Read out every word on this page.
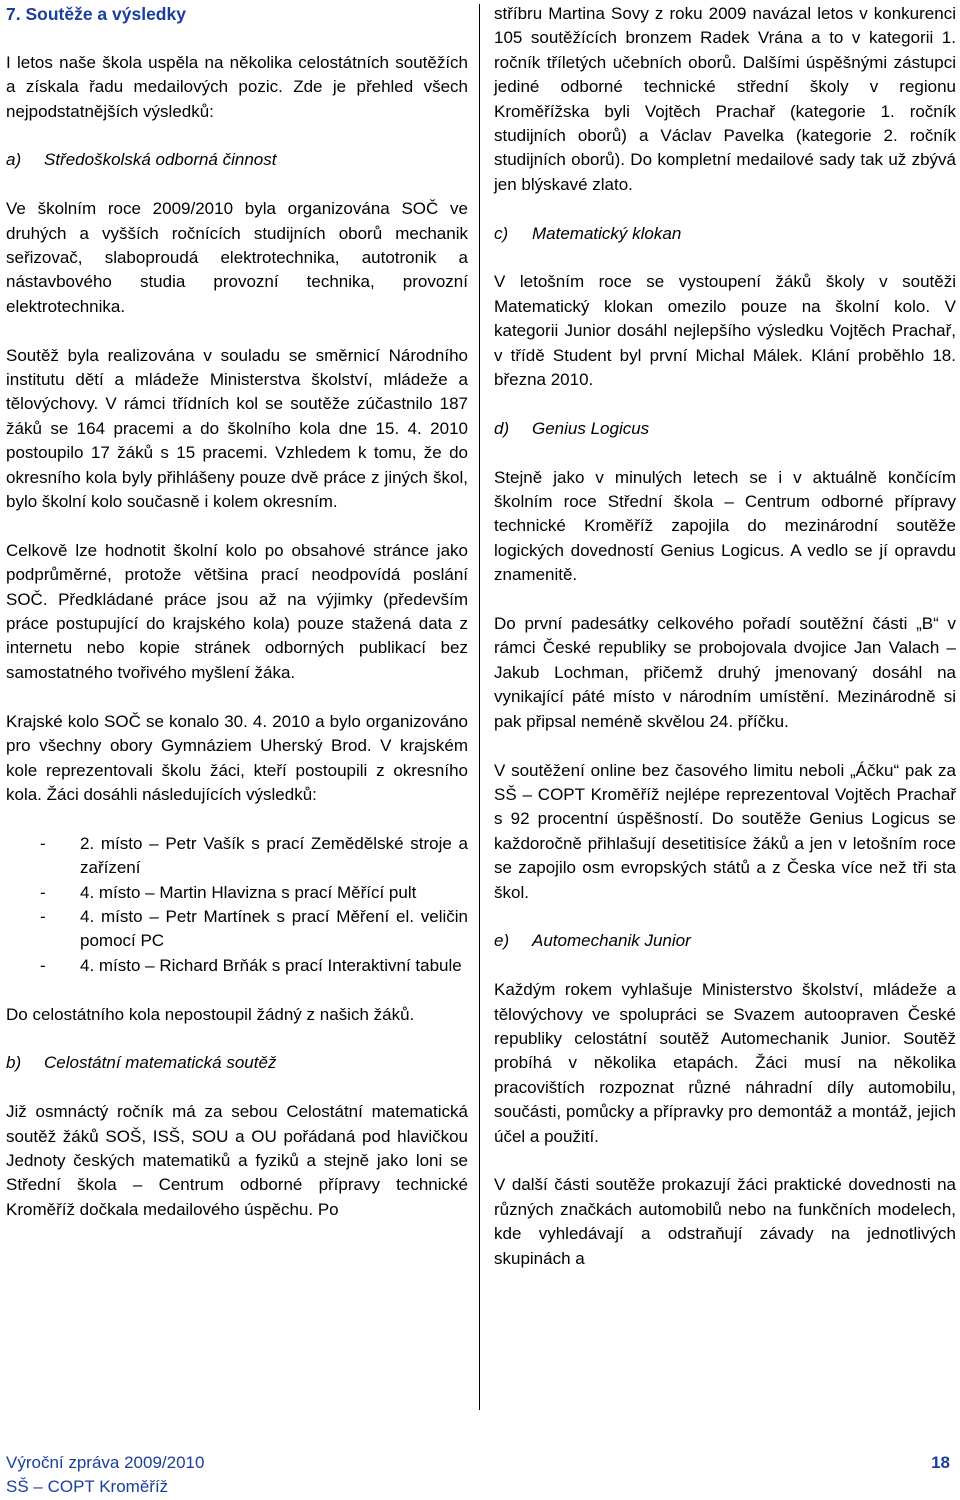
7. Soutěže a výsledky

I letos naše škola uspěla na několika celostátních soutěžích a získala řadu medailových pozic. Zde je přehled všech nejpodstatnějších výsledků:

a) Středoškolská odborná činnost

Ve školním roce 2009/2010 byla organizována SOČ ve druhých a vyšších ročnících studijních oborů mechanik seřizovač, slaboproudá elektrotechnika, autotronik a nástavbového studia provozní technika, provozní elektrotechnika.

Soutěž byla realizována v souladu se směrnicí Národního institutu dětí a mládeže Ministerstva školství, mládeže a tělovýchovy. V rámci třídních kol se soutěže zúčastnilo 187 žáků se 164 pracemi a do školního kola dne 15. 4. 2010 postoupilo 17 žáků s 15 pracemi. Vzhledem k tomu, že do okresního kola byly přihlášeny pouze dvě práce z jiných škol, bylo školní kolo současně i kolem okresním.

Celkově lze hodnotit školní kolo po obsahové stránce jako podprůměrné, protože většina prací neodpovídá poslání SOČ. Předkládané práce jsou až na výjimky (především práce postupující do krajského kola) pouze stažená data z internetu nebo kopie stránek odborných publikací bez samostatného tvořivého myšlení žáka.

Krajské kolo SOČ se konalo 30. 4. 2010 a bylo organizováno pro všechny obory Gymnáziem Uherský Brod. V krajském kole reprezentovali školu žáci, kteří postoupili z okresního kola. Žáci dosáhli následujících výsledků:

- 2. místo – Petr Vašík s prací Zemědělské stroje a zařízení
- 4. místo – Martin Hlavizna s prací Měřící pult
- 4. místo – Petr Martínek s prací Měření el. veličin pomocí PC
- 4. místo – Richard Brňák s prací Interaktivní tabule

Do celostátního kola nepostoupil žádný z našich žáků.

b) Celostátní matematická soutěž

Již osmnáctý ročník má za sebou Celostátní matematická soutěž žáků SOŠ, ISŠ, SOU a OU pořádaná pod hlavičkou Jednoty českých matematiků a fyziků a stejně jako loni se Střední škola – Centrum odborné přípravy technické Kroměříž dočkala medailového úspěchu. Po

stříbru Martina Sovy z roku 2009 navázal letos v konkurenci 105 soutěžících bronzem Radek Vrána a to v kategorii 1. ročník tříletých učebních oborů. Dalšími úspěšnými zástupci jediné odborné technické střední školy v regionu Kroměřížska byli Vojtěch Prachař (kategorie 1. ročník studijních oborů) a Václav Pavelka (kategorie 2. ročník studijních oborů). Do kompletní medailové sady tak už zbývá jen blýskavé zlato.

c) Matematický klokan

V letošním roce se vystoupení žáků školy v soutěži Matematický klokan omezilo pouze na školní kolo. V kategorii Junior dosáhl nejlepšího výsledku Vojtěch Prachař, v třídě Student byl první Michal Málek. Klání proběhlo 18. března 2010.

d) Genius Logicus

Stejně jako v minulých letech se i v aktuálně končícím školním roce Střední škola – Centrum odborné přípravy technické Kroměříž zapojila do mezinárodní soutěže logických dovedností Genius Logicus. A vedlo se jí opravdu znamenitě.

Do první padesátky celkového pořadí soutěžní části „B“ v rámci České republiky se probojovala dvojice Jan Valach – Jakub Lochman, přičemž druhý jmenovaný dosáhl na vynikající páté místo v národním umístění. Mezinárodně si pak připsal neméně skvělou 24. příčku.

V soutěžení online bez časového limitu neboli „Áčku“ pak za SŠ – COPT Kroměříž nejlépe reprezentoval Vojtěch Prachař s 92 procentní úspěšností. Do soutěže Genius Logicus se každoročně přihlašují desetitisíce žáků a jen v letošním roce se zapojilo osm evropských států a z Česka více než tři sta škol.

e) Automechanik Junior

Každým rokem vyhlašuje Ministerstvo školství, mládeže a tělovýchovy ve spolupráci se Svazem autoopraven České republiky celostátní soutěž Automechanik Junior. Soutěž probíhá v několika etapách. Žáci musí na několika pracovištích rozpoznat různé náhradní díly automobilu, součásti, pomůcky a přípravky pro demontáž a montáž, jejich účel a použití.

V další části soutěže prokazují žáci praktické dovednosti na různých značkách automobilů nebo na funkčních modelech, kde vyhledávají a odstraňují závady na jednotlivých skupinách a

Výroční zpráva 2009/2010
SŠ – COPT Kroměříž
18
